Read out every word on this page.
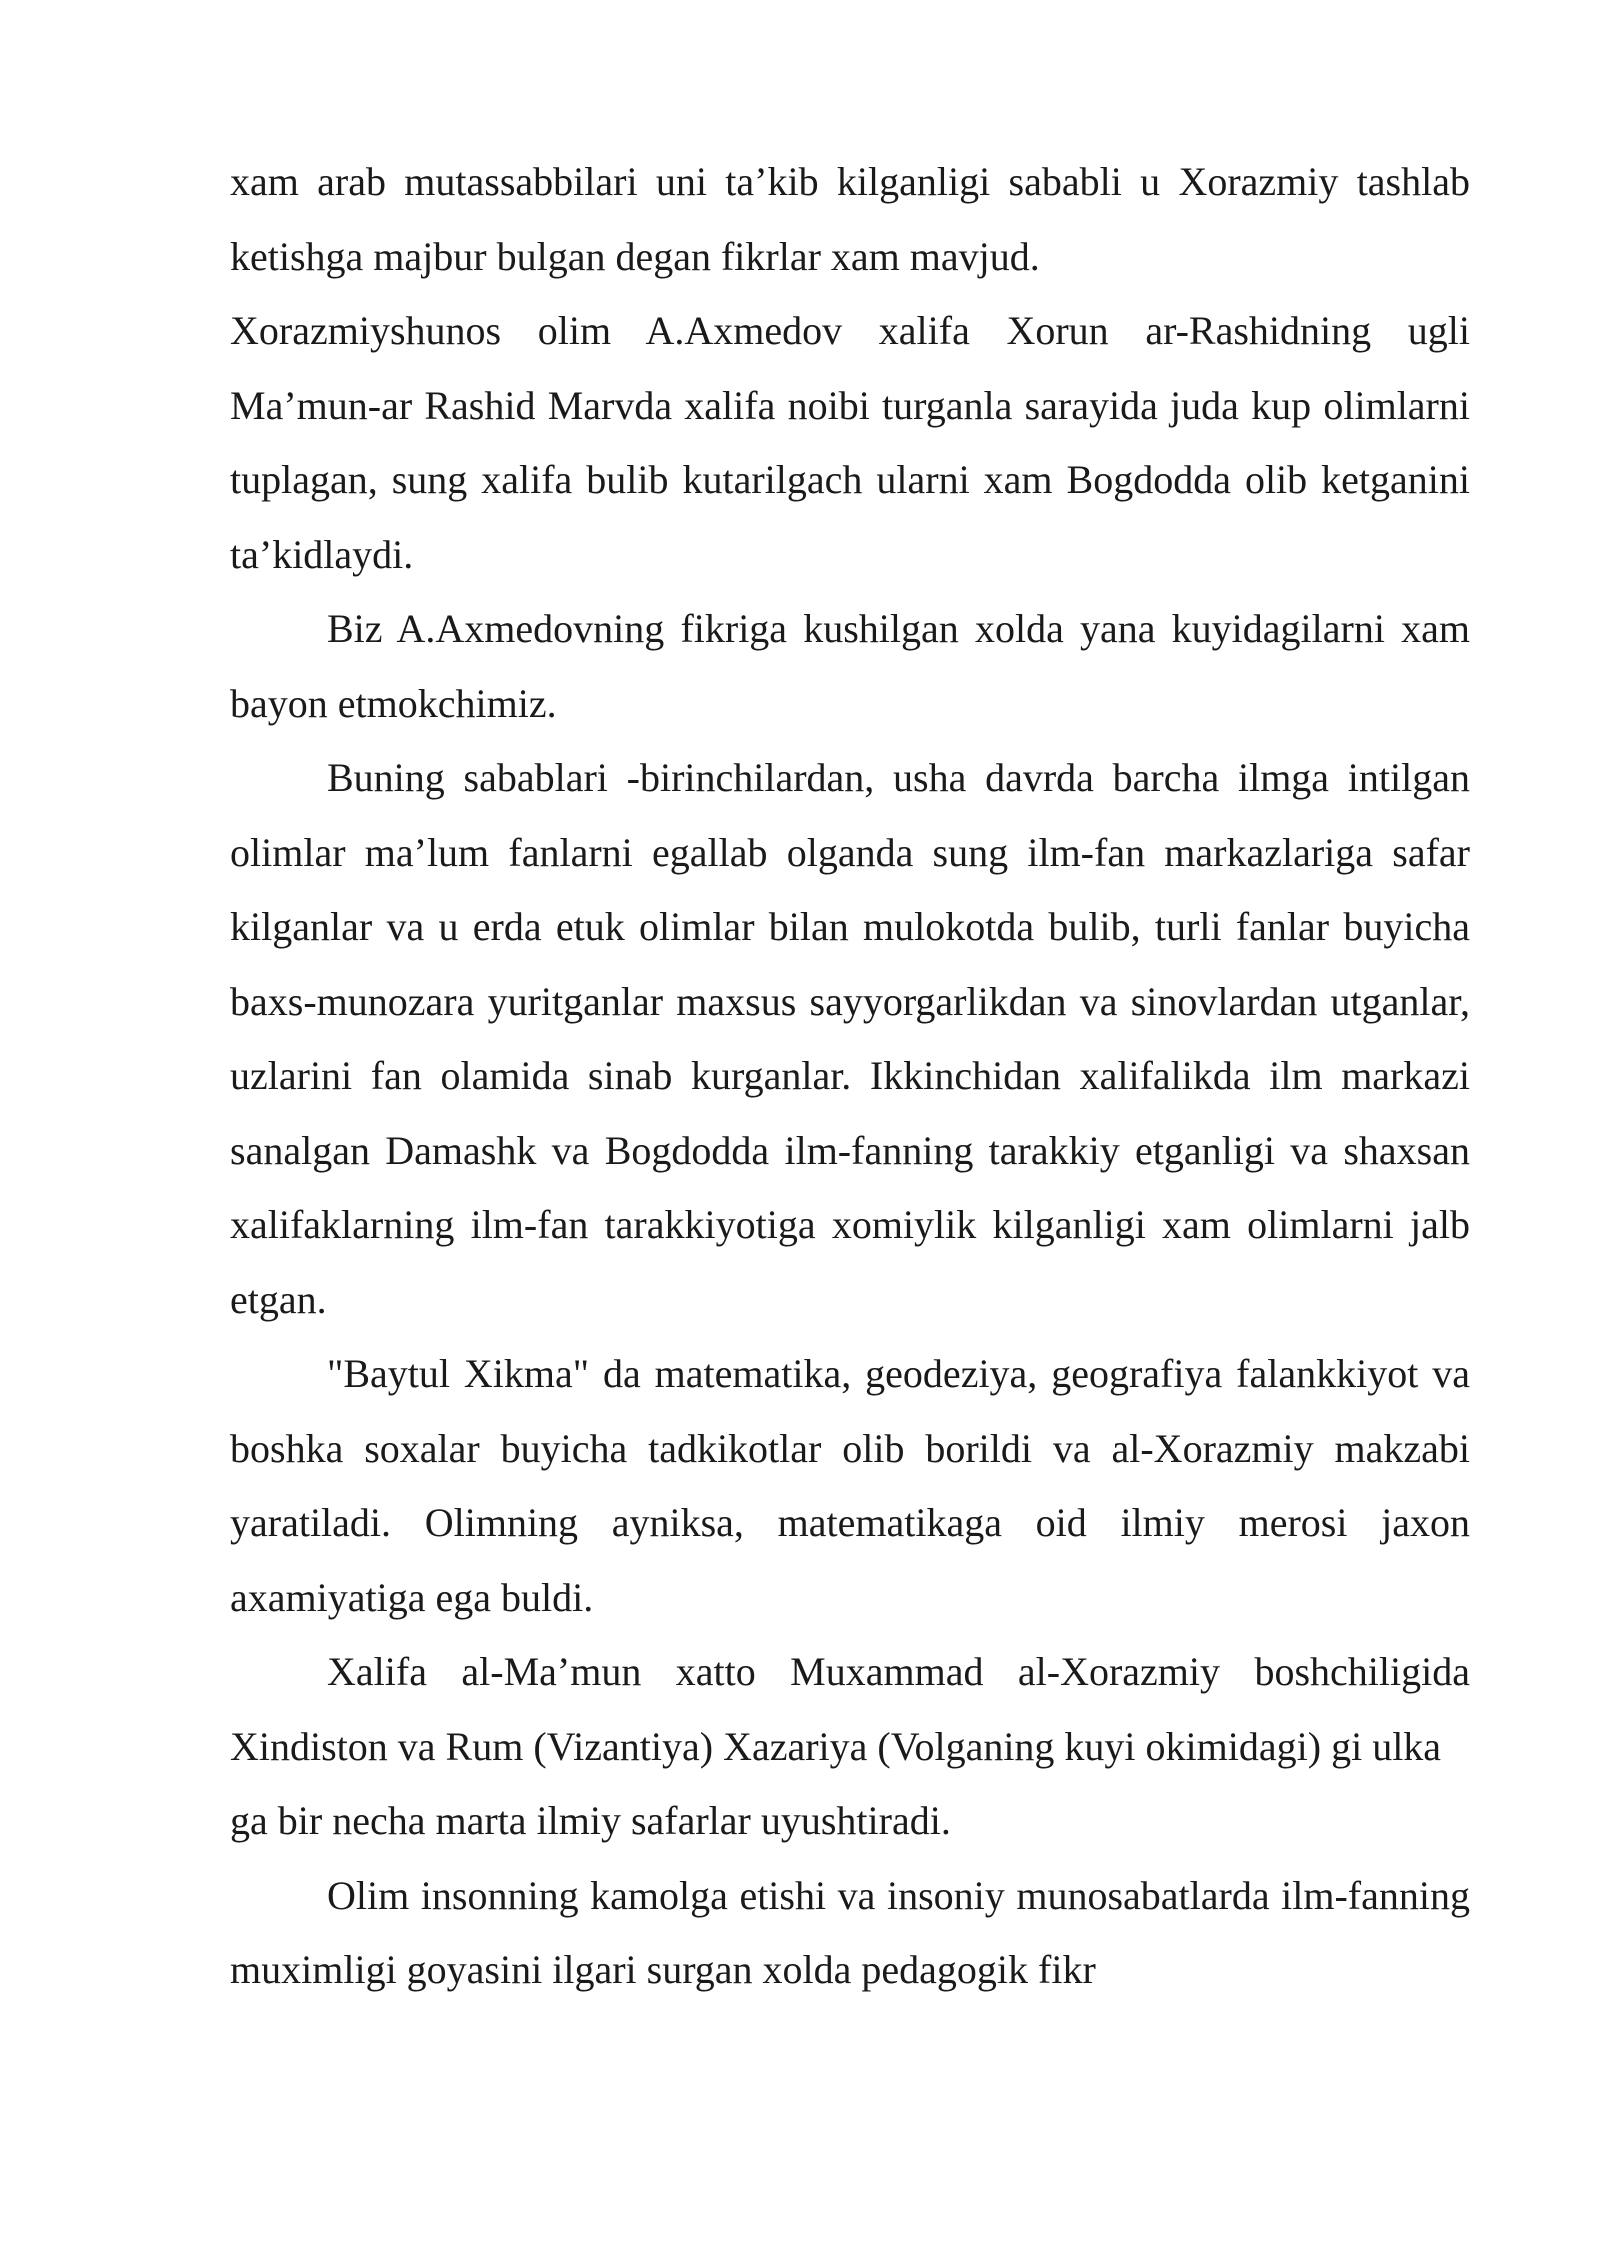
xam arab mutassabbilari uni ta’kib kilganligi sababli u Xorazmiy tashlab ketishga majbur bulgan degan fikrlar xam mavjud.

Xorazmiyshunos olim A.Axmedov xalifa Xorun ar-Rashidning ugli Ma’mun-ar Rashid Marvda xalifa noibi turganla sarayida juda kup olimlarni tuplagan, sung xalifa bulib kutarilgach ularni xam Bogdodda olib ketganini ta’kidlaydi.

Biz A.Axmedovning fikriga kushilgan xolda yana kuyidagilarni xam bayon etmokchimiz.

Buning sabablari -birinchilardan, usha davrda barcha ilmga intilgan olimlar ma’lum fanlarni egallab olganda sung ilm-fan markazlariga safar kilganlar va u erda etuk olimlar bilan mulokotda bulib, turli fanlar buyicha baxs-munozara yuritganlar maxsus sayyorgarlikdan va sinovlardan utganlar, uzlarini fan olamida sinab kurganlar. Ikkinchidan xalifalikda ilm markazi sanalgan Damashk va Bogdodda ilm-fanning tarakkiy etganligi va shaxsan xalifaklarning ilm-fan tarakkiyotiga xomiylik kilganligi xam olimlarni jalb etgan.

"Baytul Xikma" da matematika, geodeziya, geografiya falankkiyot va boshka soxalar buyicha tadkikotlar olib borildi va al-Xorazmiy makzabi yaratiladi. Olimning ayniksa, matematikaga oid ilmiy merosi jaxon axamiyatiga ega buldi.

Xalifa al-Ma’mun xatto Muxammad al-Xorazmiy boshchiligida Xindiston va Rum (Vizantiya) Xazariya (Volganing kuyi okimidagi) gi ulka

ga bir necha marta ilmiy safarlar uyushtiradi.

Olim insonning kamolga etishi va insoniy munosabatlarda ilm-fanning muximligi goyasini ilgari surgan xolda pedagogik fikr
